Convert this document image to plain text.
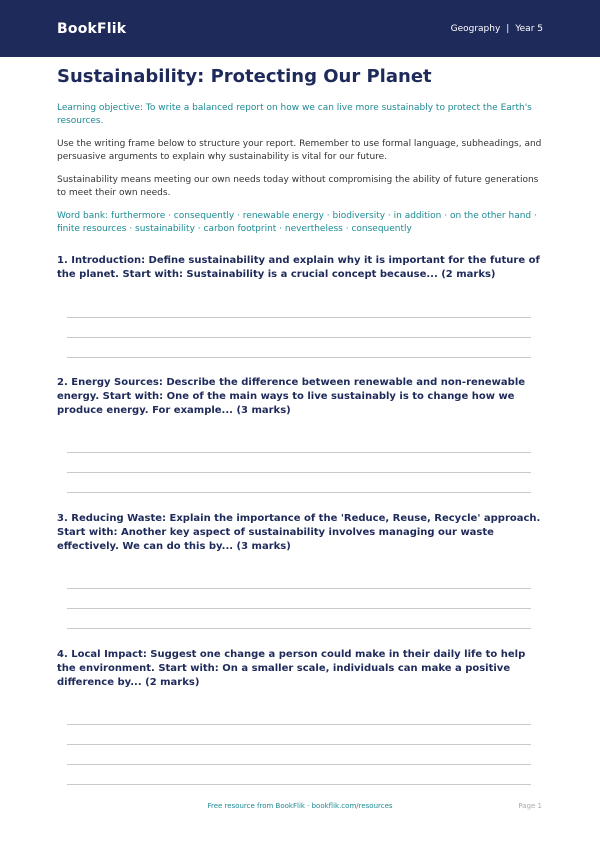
BookFlik	Geography | Year 5
Sustainability: Protecting Our Planet

Learning objective: To write a balanced report on how we can live more sustainably to protect the Earth's resources.

Use the writing frame below to structure your report. Remember to use formal language, subheadings, and persuasive arguments to explain why sustainability is vital for our future.

Sustainability means meeting our own needs today without compromising the ability of future generations to meet their own needs.

Word bank: furthermore · consequently · renewable energy · biodiversity · in addition · on the other hand · finite resources · sustainability · carbon footprint · nevertheless · consequently

1. Introduction: Define sustainability and explain why it is important for the future of the planet. Start with: Sustainability is a crucial concept because... (2 marks)
2. Energy Sources: Describe the difference between renewable and non-renewable energy. Start with: One of the main ways to live sustainably is to change how we produce energy. For example... (3 marks)
3. Reducing Waste: Explain the importance of the 'Reduce, Reuse, Recycle' approach. Start with: Another key aspect of sustainability involves managing our waste effectively. We can do this by... (3 marks)
4. Local Impact: Suggest one change a person could make in their daily life to help the environment. Start with: On a smaller scale, individuals can make a positive difference by... (2 marks)
Free resource from BookFlik · bookflik.com/resources	Page 1
